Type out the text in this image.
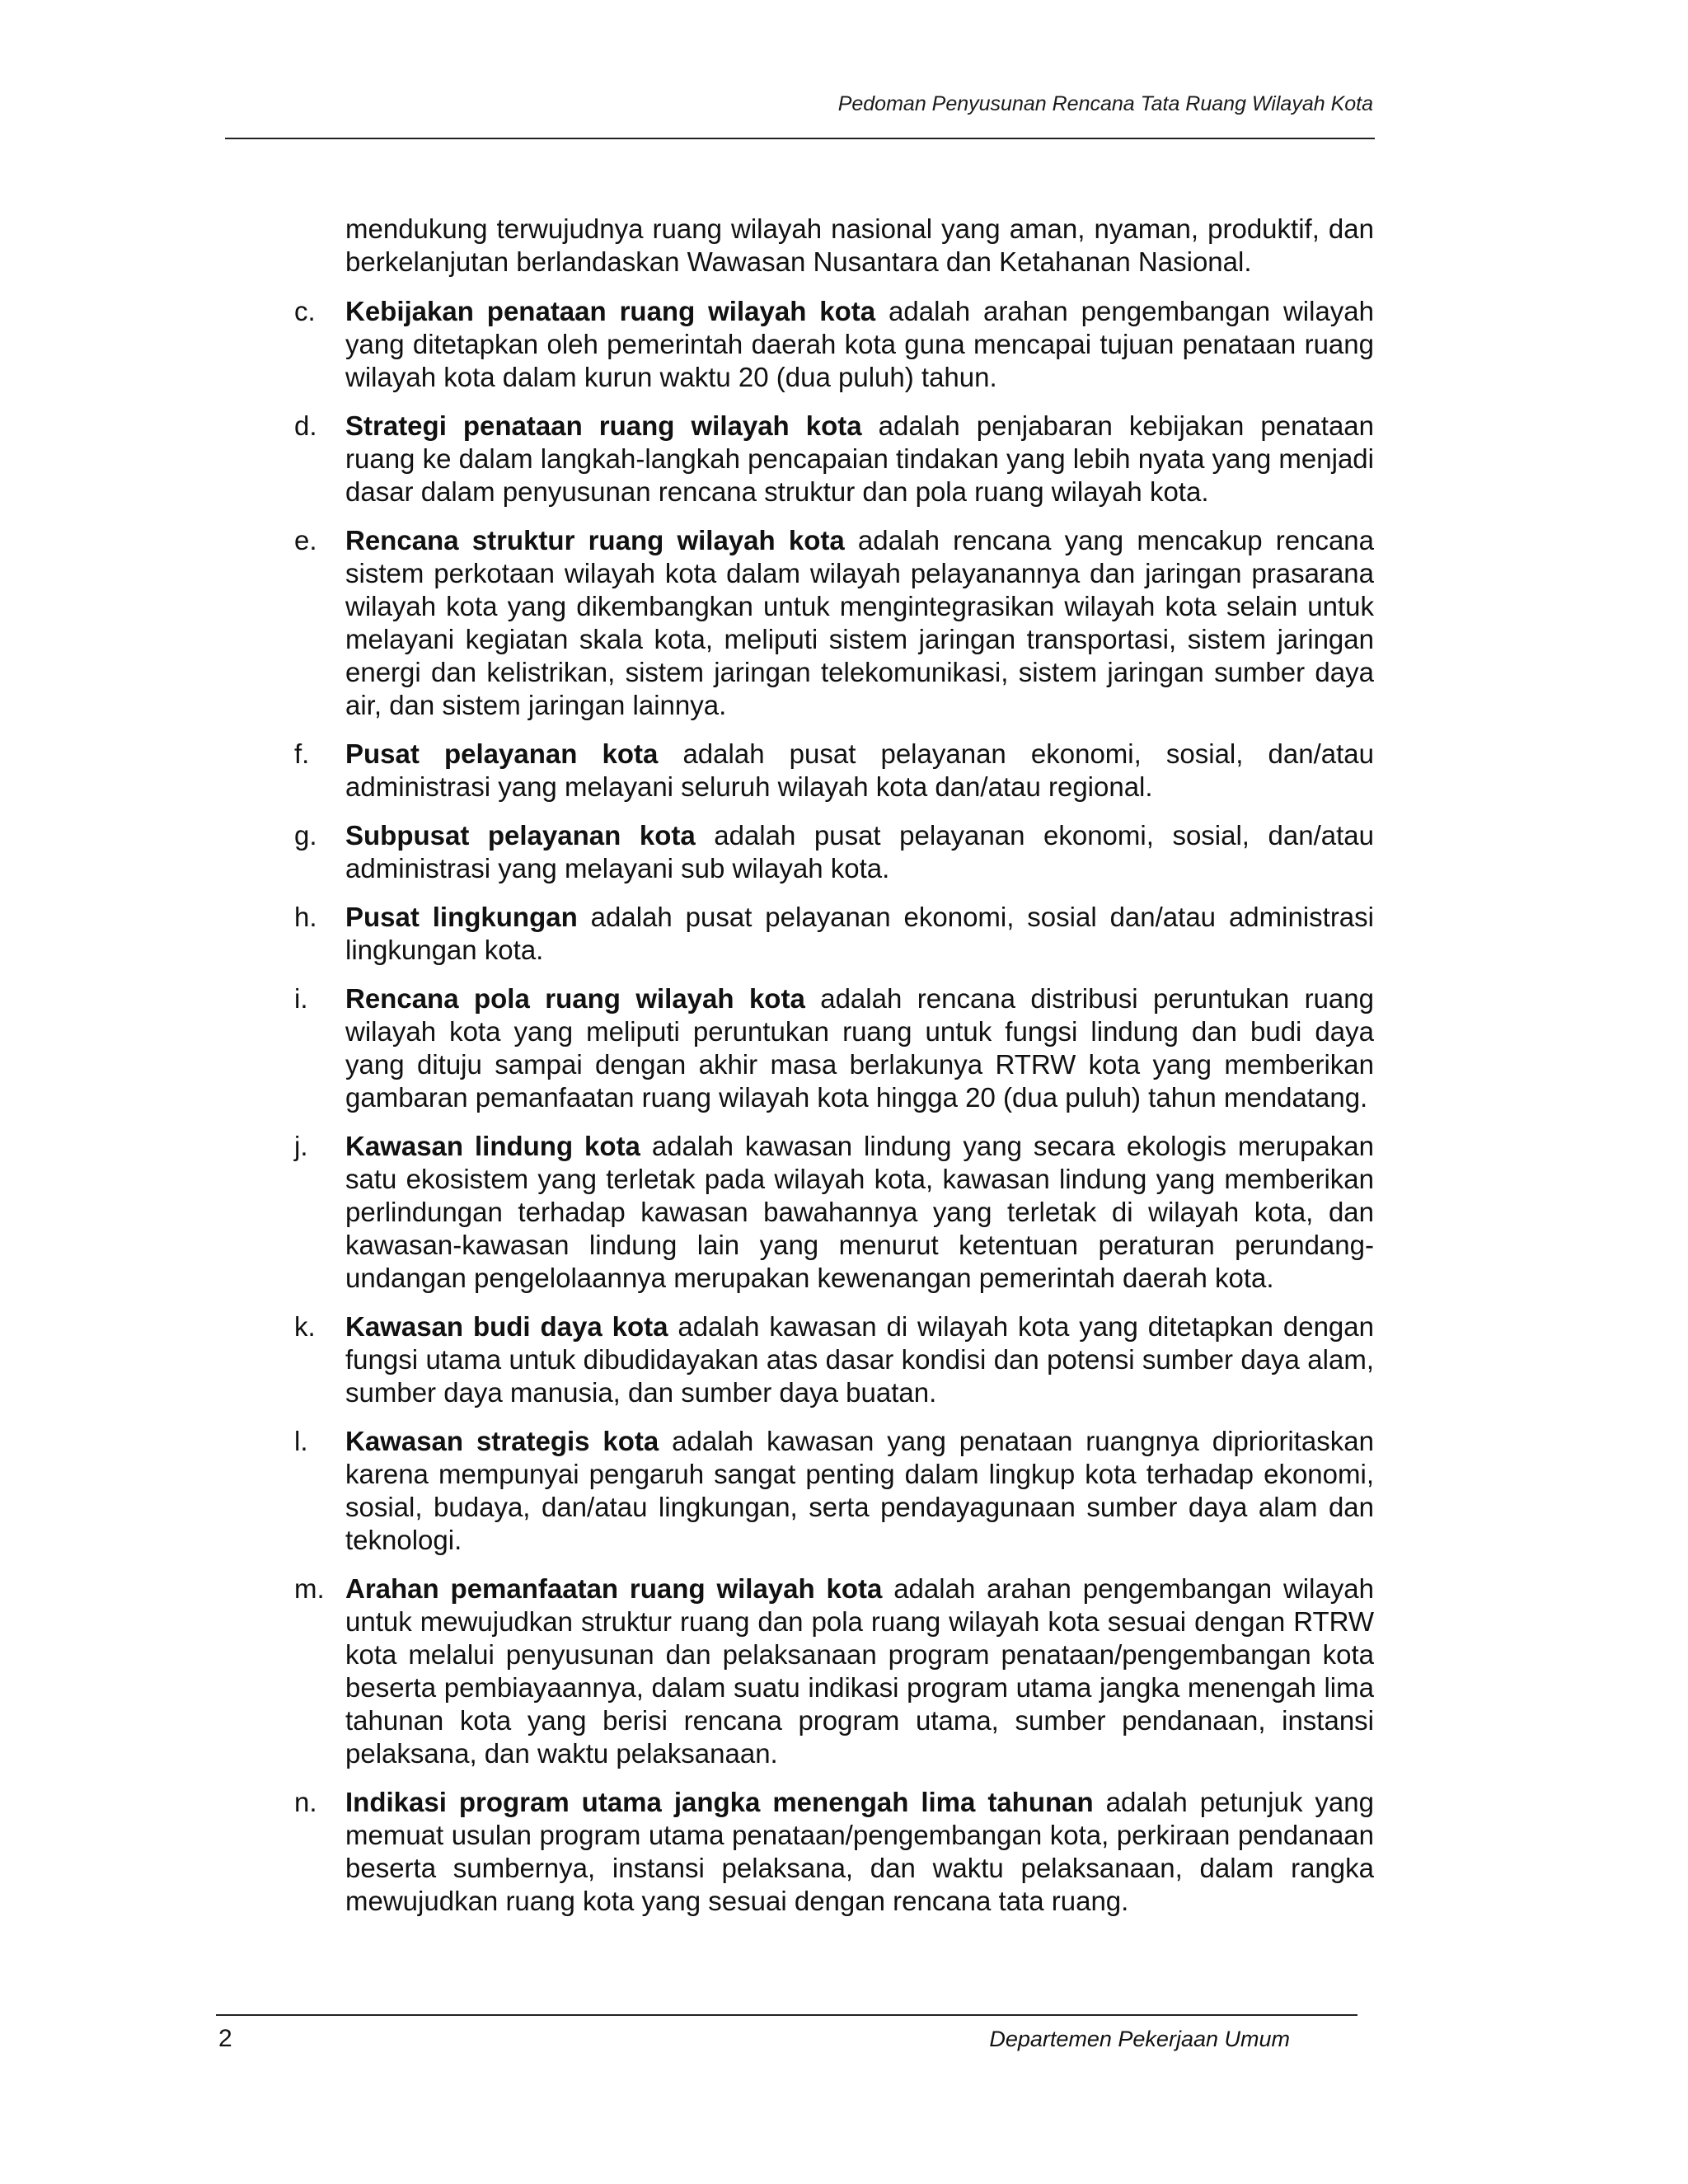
Pedoman Penyusunan Rencana Tata Ruang Wilayah Kota

mendukung terwujudnya ruang wilayah nasional yang aman, nyaman, produktif, dan berkelanjutan berlandaskan Wawasan Nusantara dan Ketahanan Nasional.

c.	Kebijakan penataan ruang wilayah kota adalah arahan pengembangan wilayah yang ditetapkan oleh pemerintah daerah kota guna mencapai tujuan penataan ruang wilayah kota dalam kurun waktu 20 (dua puluh) tahun.

d.	Strategi penataan ruang wilayah kota adalah penjabaran kebijakan penataan ruang ke dalam langkah-langkah pencapaian tindakan yang lebih nyata yang menjadi dasar dalam penyusunan rencana struktur dan pola ruang wilayah kota.

e.	Rencana struktur ruang wilayah kota adalah rencana yang mencakup rencana sistem perkotaan wilayah kota dalam wilayah pelayanannya dan jaringan prasarana wilayah kota yang dikembangkan untuk mengintegrasikan wilayah kota selain untuk melayani kegiatan skala kota, meliputi sistem jaringan transportasi, sistem jaringan energi dan kelistrikan, sistem jaringan telekomunikasi, sistem jaringan sumber daya air, dan sistem jaringan lainnya.

f.	Pusat pelayanan kota adalah pusat pelayanan ekonomi, sosial, dan/atau administrasi yang melayani seluruh wilayah kota dan/atau regional.

g.	Subpusat pelayanan kota adalah pusat pelayanan ekonomi, sosial, dan/atau administrasi yang melayani sub wilayah kota.

h.	Pusat lingkungan adalah pusat pelayanan ekonomi, sosial dan/atau administrasi lingkungan kota.

i.	Rencana pola ruang wilayah kota adalah rencana distribusi peruntukan ruang wilayah kota yang meliputi peruntukan ruang untuk fungsi lindung dan budi daya yang dituju sampai dengan akhir masa berlakunya RTRW kota yang memberikan gambaran pemanfaatan ruang wilayah kota hingga 20 (dua puluh) tahun mendatang.

j.	Kawasan lindung kota adalah kawasan lindung yang secara ekologis merupakan satu ekosistem yang terletak pada wilayah kota, kawasan lindung yang memberikan perlindungan terhadap kawasan bawahannya yang terletak di wilayah kota, dan kawasan-kawasan lindung lain yang menurut ketentuan peraturan perundang-undangan pengelolaannya merupakan kewenangan pemerintah daerah kota.

k.	Kawasan budi daya kota adalah kawasan di wilayah kota yang ditetapkan dengan fungsi utama untuk dibudidayakan atas dasar kondisi dan potensi sumber daya alam, sumber daya manusia, dan sumber daya buatan.

l.	Kawasan strategis kota adalah kawasan yang penataan ruangnya diprioritaskan karena mempunyai pengaruh sangat penting dalam lingkup kota terhadap ekonomi, sosial, budaya, dan/atau lingkungan, serta pendayagunaan sumber daya alam dan teknologi.

m. Arahan pemanfaatan ruang wilayah kota adalah arahan pengembangan wilayah untuk mewujudkan struktur ruang dan pola ruang wilayah kota sesuai dengan RTRW kota melalui penyusunan dan pelaksanaan program penataan/pengembangan kota beserta pembiayaannya, dalam suatu indikasi program utama jangka menengah lima tahunan kota yang berisi rencana program utama, sumber pendanaan, instansi pelaksana, dan waktu pelaksanaan.

n.	Indikasi program utama jangka menengah lima tahunan adalah petunjuk yang memuat usulan program utama penataan/pengembangan kota, perkiraan pendanaan beserta sumbernya, instansi pelaksana, dan waktu pelaksanaan, dalam rangka mewujudkan ruang kota yang sesuai dengan rencana tata ruang.

2	Departemen Pekerjaan Umum
